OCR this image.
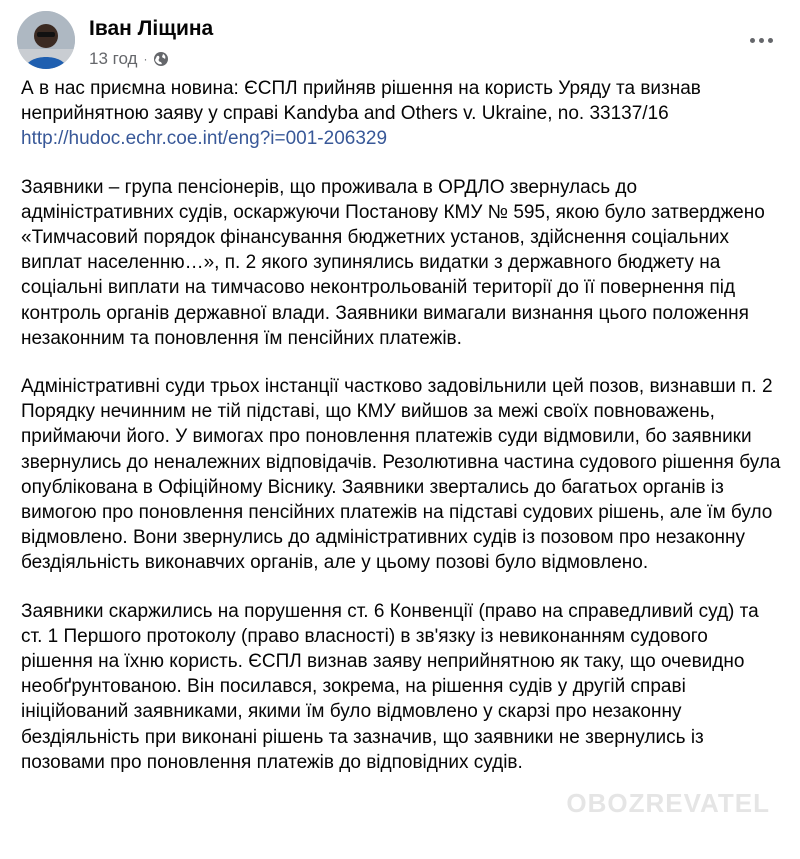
Іван Ліщина
13 год ·

А в нас приємна новина: ЄСПЛ прийняв рішення на користь Уряду та визнав неприйнятною заяву у справі Kandyba and Others v. Ukraine, no. 33137/16
http://hudoc.echr.coe.int/eng?i=001-206329

Заявники – група пенсіонерів, що проживала в ОРДЛО звернулась до адміністративних судів, оскаржуючи Постанову КМУ № 595, якою було затверджено «Тимчасовий порядок фінансування бюджетних установ, здійснення соціальних виплат населенню…», п. 2 якого зупинялись видатки з державного бюджету на соціальні виплати на тимчасово неконтрольованій території до її повернення під контроль органів державної влади. Заявники вимагали визнання цього положення незаконним та поновлення їм пенсійних платежів.

Адміністративні суди трьох інстанції частково задовільнили цей позов, визнавши п. 2 Порядку нечинним не тій підставі, що КМУ вийшов за межі своїх повноважень, приймаючи його. У вимогах про поновлення платежів суди відмовили, бо заявники звернулись до неналежних відповідачів. Резолютивна частина судового рішення була опублікована в Офіційному Віснику. Заявники звертались до багатьох органів із вимогою про поновлення пенсійних платежів на підставі судових рішень, але їм було відмовлено. Вони звернулись до адміністративних судів із позовом про незаконну бездіяльність виконавчих органів, але у цьому позові було відмовлено.

Заявники скаржились на порушення ст. 6 Конвенції (право на справедливий суд) та ст. 1 Першого протоколу (право власності) в зв'язку із невиконанням судового рішення на їхню користь. ЄСПЛ визнав заяву неприйнятною як таку, що очевидно необґрунтованою. Він посилався, зокрема, на рішення судів у другій справі ініційований заявниками, якими їм було відмовлено у скарзі про незаконну бездіяльність при виконані рішень та зазначив, що заявники не звернулись із позовами про поновлення платежів до відповідних судів.

OBOZREVATEL
